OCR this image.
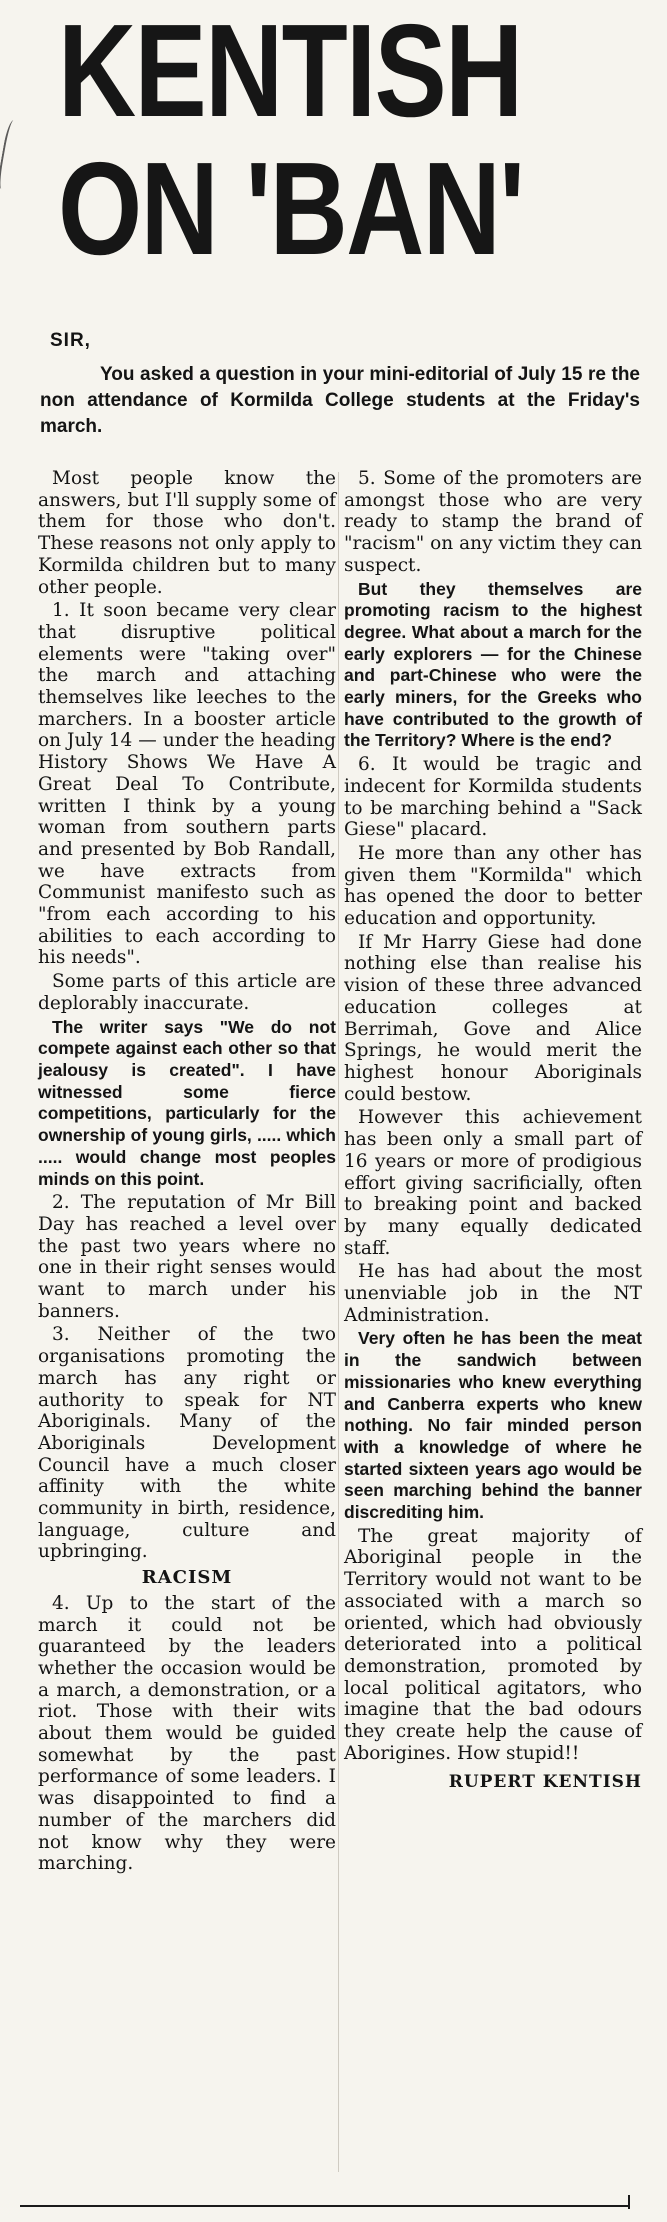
KENTISH
ON 'BAN'
SIR,

You asked a question in your mini-editorial of July 15 re the non attendance of Kormilda College students at the Friday's march.

Most people know the answers, but I'll supply some of them for those who don't. These reasons not only apply to Kormilda children but to many other people.

1. It soon became very clear that disruptive political elements were "taking over" the march and attaching themselves like leeches to the marchers. In a booster article on July 14 — under the heading History Shows We Have A Great Deal To Contribute, written I think by a young woman from southern parts and presented by Bob Randall, we have extracts from Communist manifesto such as "from each according to his abilities to each according to his needs".

Some parts of this article are deplorably inaccurate.

The writer says "We do not compete against each other so that jealousy is created". I have witnessed some fierce competitions, particularly for the ownership of young girls, ..... which ..... would change most peoples minds on this point.

2. The reputation of Mr Bill Day has reached a level over the past two years where no one in their right senses would want to march under his banners.

3. Neither of the two organisations promoting the march has any right or authority to speak for NT Aboriginals. Many of the Aboriginals Development Council have a much closer affinity with the white community in birth, residence, language, culture and upbringing.

RACISM

4. Up to the start of the march it could not be guaranteed by the leaders whether the occasion would be a march, a demonstration, or a riot. Those with their wits about them would be guided somewhat by the past performance of some leaders. I was disappointed to find a number of the marchers did not know why they were marching.

5. Some of the promoters are amongst those who are very ready to stamp the brand of "racism" on any victim they can suspect.

But they themselves are promoting racism to the highest degree. What about a march for the early explorers — for the Chinese and part-Chinese who were the early miners, for the Greeks who have contributed to the growth of the Territory? Where is the end?

6. It would be tragic and indecent for Kormilda students to be marching behind a "Sack Giese" placard.

He more than any other has given them "Kormilda" which has opened the door to better education and opportunity.

If Mr Harry Giese had done nothing else than realise his vision of these three advanced education colleges at Berrimah, Gove and Alice Springs, he would merit the highest honour Aboriginals could bestow.

However this achievement has been only a small part of 16 years or more of prodigious effort giving sacrificially, often to breaking point and backed by many equally dedicated staff.

He has had about the most unenviable job in the NT Administration.

Very often he has been the meat in the sandwich between missionaries who knew everything and Canberra experts who knew nothing. No fair minded person with a knowledge of where he started sixteen years ago would be seen marching behind the banner discrediting him.

The great majority of Aboriginal people in the Territory would not want to be associated with a march so oriented, which had obviously deteriorated into a political demonstration, promoted by local political agitators, who imagine that the bad odours they create help the cause of Aborigines. How stupid!!

RUPERT KENTISH
